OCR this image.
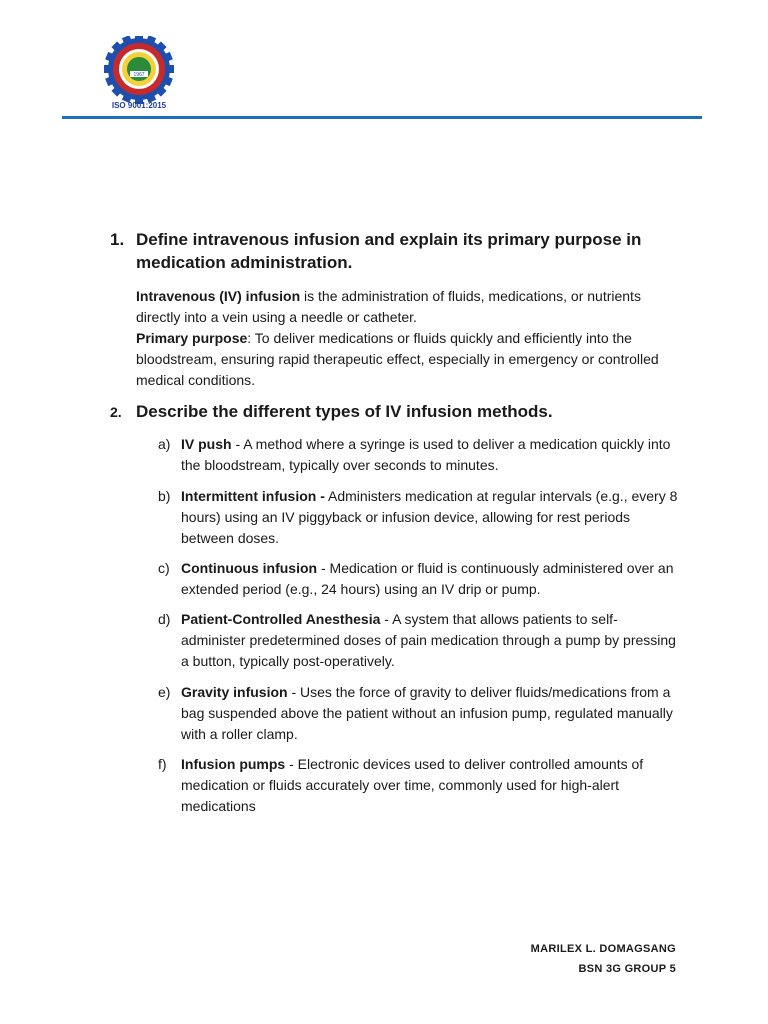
1967
ISO 9001:2015
1. Define intravenous infusion and explain its primary purpose in medication administration.
Intravenous (IV) infusion is the administration of fluids, medications, or nutrients directly into a vein using a needle or catheter.
Primary purpose: To deliver medications or fluids quickly and efficiently into the bloodstream, ensuring rapid therapeutic effect, especially in emergency or controlled medical conditions.
2. Describe the different types of IV infusion methods.
a) IV push - A method where a syringe is used to deliver a medication quickly into the bloodstream, typically over seconds to minutes.
b) Intermittent infusion - Administers medication at regular intervals (e.g., every 8 hours) using an IV piggyback or infusion device, allowing for rest periods between doses.
c) Continuous infusion - Medication or fluid is continuously administered over an extended period (e.g., 24 hours) using an IV drip or pump.
d) Patient-Controlled Anesthesia - A system that allows patients to self-administer predetermined doses of pain medication through a pump by pressing a button, typically post-operatively.
e) Gravity infusion - Uses the force of gravity to deliver fluids/medications from a bag suspended above the patient without an infusion pump, regulated manually with a roller clamp.
f) Infusion pumps - Electronic devices used to deliver controlled amounts of medication or fluids accurately over time, commonly used for high-alert medications
MARILEX L. DOMAGSANG
BSN 3G GROUP 5
